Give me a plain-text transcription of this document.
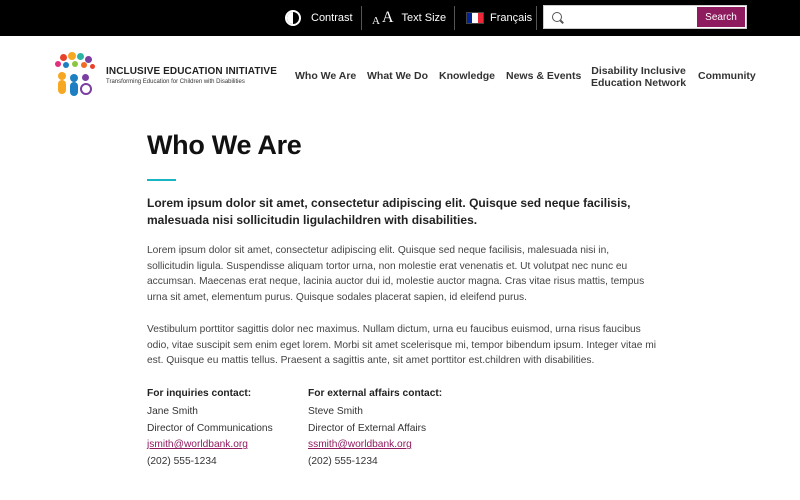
Contrast A A Text Size	Français	Search
INCLUSIVE EDUCATION INITIATIVE
Transforming Education for Children with Disabilities	Who We Are What We Do Knowledge News & Events Disability Inclusive
Education Network
Community
Who We Are

Lorem ipsum dolor sit amet, consectetur adipiscing elit. Quisque sed neque facilisis, malesuada nisi sollicitudin ligulachildren with disabilities.

Lorem ipsum dolor sit amet, consectetur adipiscing elit. Quisque sed neque facilisis, malesuada nisi in, sollicitudin ligula. Suspendisse aliquam tortor urna, non molestie erat venenatis et. Ut volutpat nec nunc eu accumsan. Maecenas erat neque, lacinia auctor dui id, molestie auctor magna. Cras vitae risus mattis, tempus urna sit amet, elementum purus. Quisque sodales placerat sapien, id eleifend purus.

Vestibulum porttitor sagittis dolor nec maximus. Nullam dictum, urna eu faucibus euismod, urna risus faucibus odio, vitae suscipit sem enim eget lorem. Morbi sit amet scelerisque mi, tempor bibendum ipsum. Integer vitae mi est. Quisque eu mattis tellus. Praesent a sagittis ante, sit amet porttitor est.children with disabilities.

For inquiries contact:
Jane Smith
Director of Communications
jsmith@worldbank.org
(202) 555-1234
For external affairs contact:
Steve Smith
Director of External Affairs
ssmith@worldbank.org
(202) 555-1234
